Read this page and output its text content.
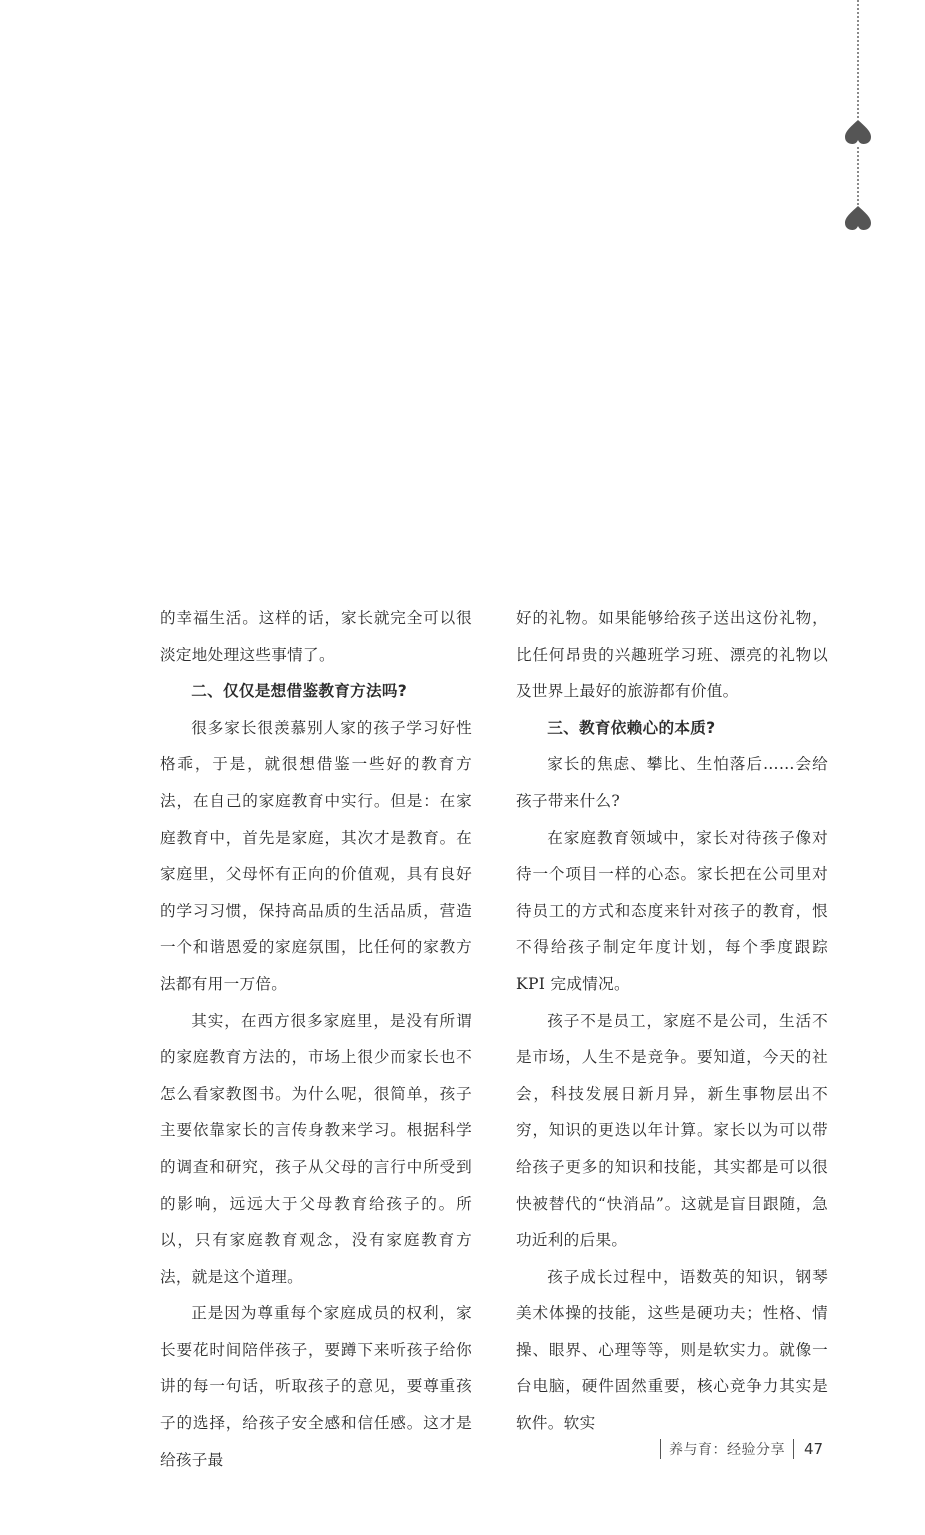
的幸福生活。这样的话，家长就完全可以很淡定地处理这些事情了。

二、仅仅是想借鉴教育方法吗?

很多家长很羡慕别人家的孩子学习好性格乖，于是，就很想借鉴一些好的教育方法，在自己的家庭教育中实行。但是：在家庭教育中，首先是家庭，其次才是教育。在家庭里，父母怀有正向的价值观，具有良好的学习习惯，保持高品质的生活品质，营造一个和谐恩爱的家庭氛围，比任何的家教方法都有用一万倍。

其实，在西方很多家庭里，是没有所谓的家庭教育方法的，市场上很少而家长也不怎么看家教图书。为什么呢，很简单，孩子主要依靠家长的言传身教来学习。根据科学的调查和研究，孩子从父母的言行中所受到的影响，远远大于父母教育给孩子的。所以，只有家庭教育观念，没有家庭教育方法，就是这个道理。

正是因为尊重每个家庭成员的权利，家长要花时间陪伴孩子，要蹲下来听孩子给你讲的每一句话，听取孩子的意见，要尊重孩子的选择，给孩子安全感和信任感。这才是给孩子最

好的礼物。如果能够给孩子送出这份礼物，比任何昂贵的兴趣班学习班、漂亮的礼物以及世界上最好的旅游都有价值。

三、教育依赖心的本质?

家长的焦虑、攀比、生怕落后……会给孩子带来什么?

在家庭教育领域中，家长对待孩子像对待一个项目一样的心态。家长把在公司里对待员工的方式和态度来针对孩子的教育，恨不得给孩子制定年度计划，每个季度跟踪 KPI 完成情况。

孩子不是员工，家庭不是公司，生活不是市场，人生不是竞争。要知道，今天的社会，科技发展日新月异，新生事物层出不穷，知识的更迭以年计算。家长以为可以带给孩子更多的知识和技能，其实都是可以很快被替代的“快消品”。这就是盲目跟随，急功近利的后果。

孩子成长过程中，语数英的知识，钢琴美术体操的技能，这些是硬功夫；性格、情操、眼界、心理等等，则是软实力。就像一台电脑，硬件固然重要，核心竞争力其实是软件。软实

养与育：经验分享 47
